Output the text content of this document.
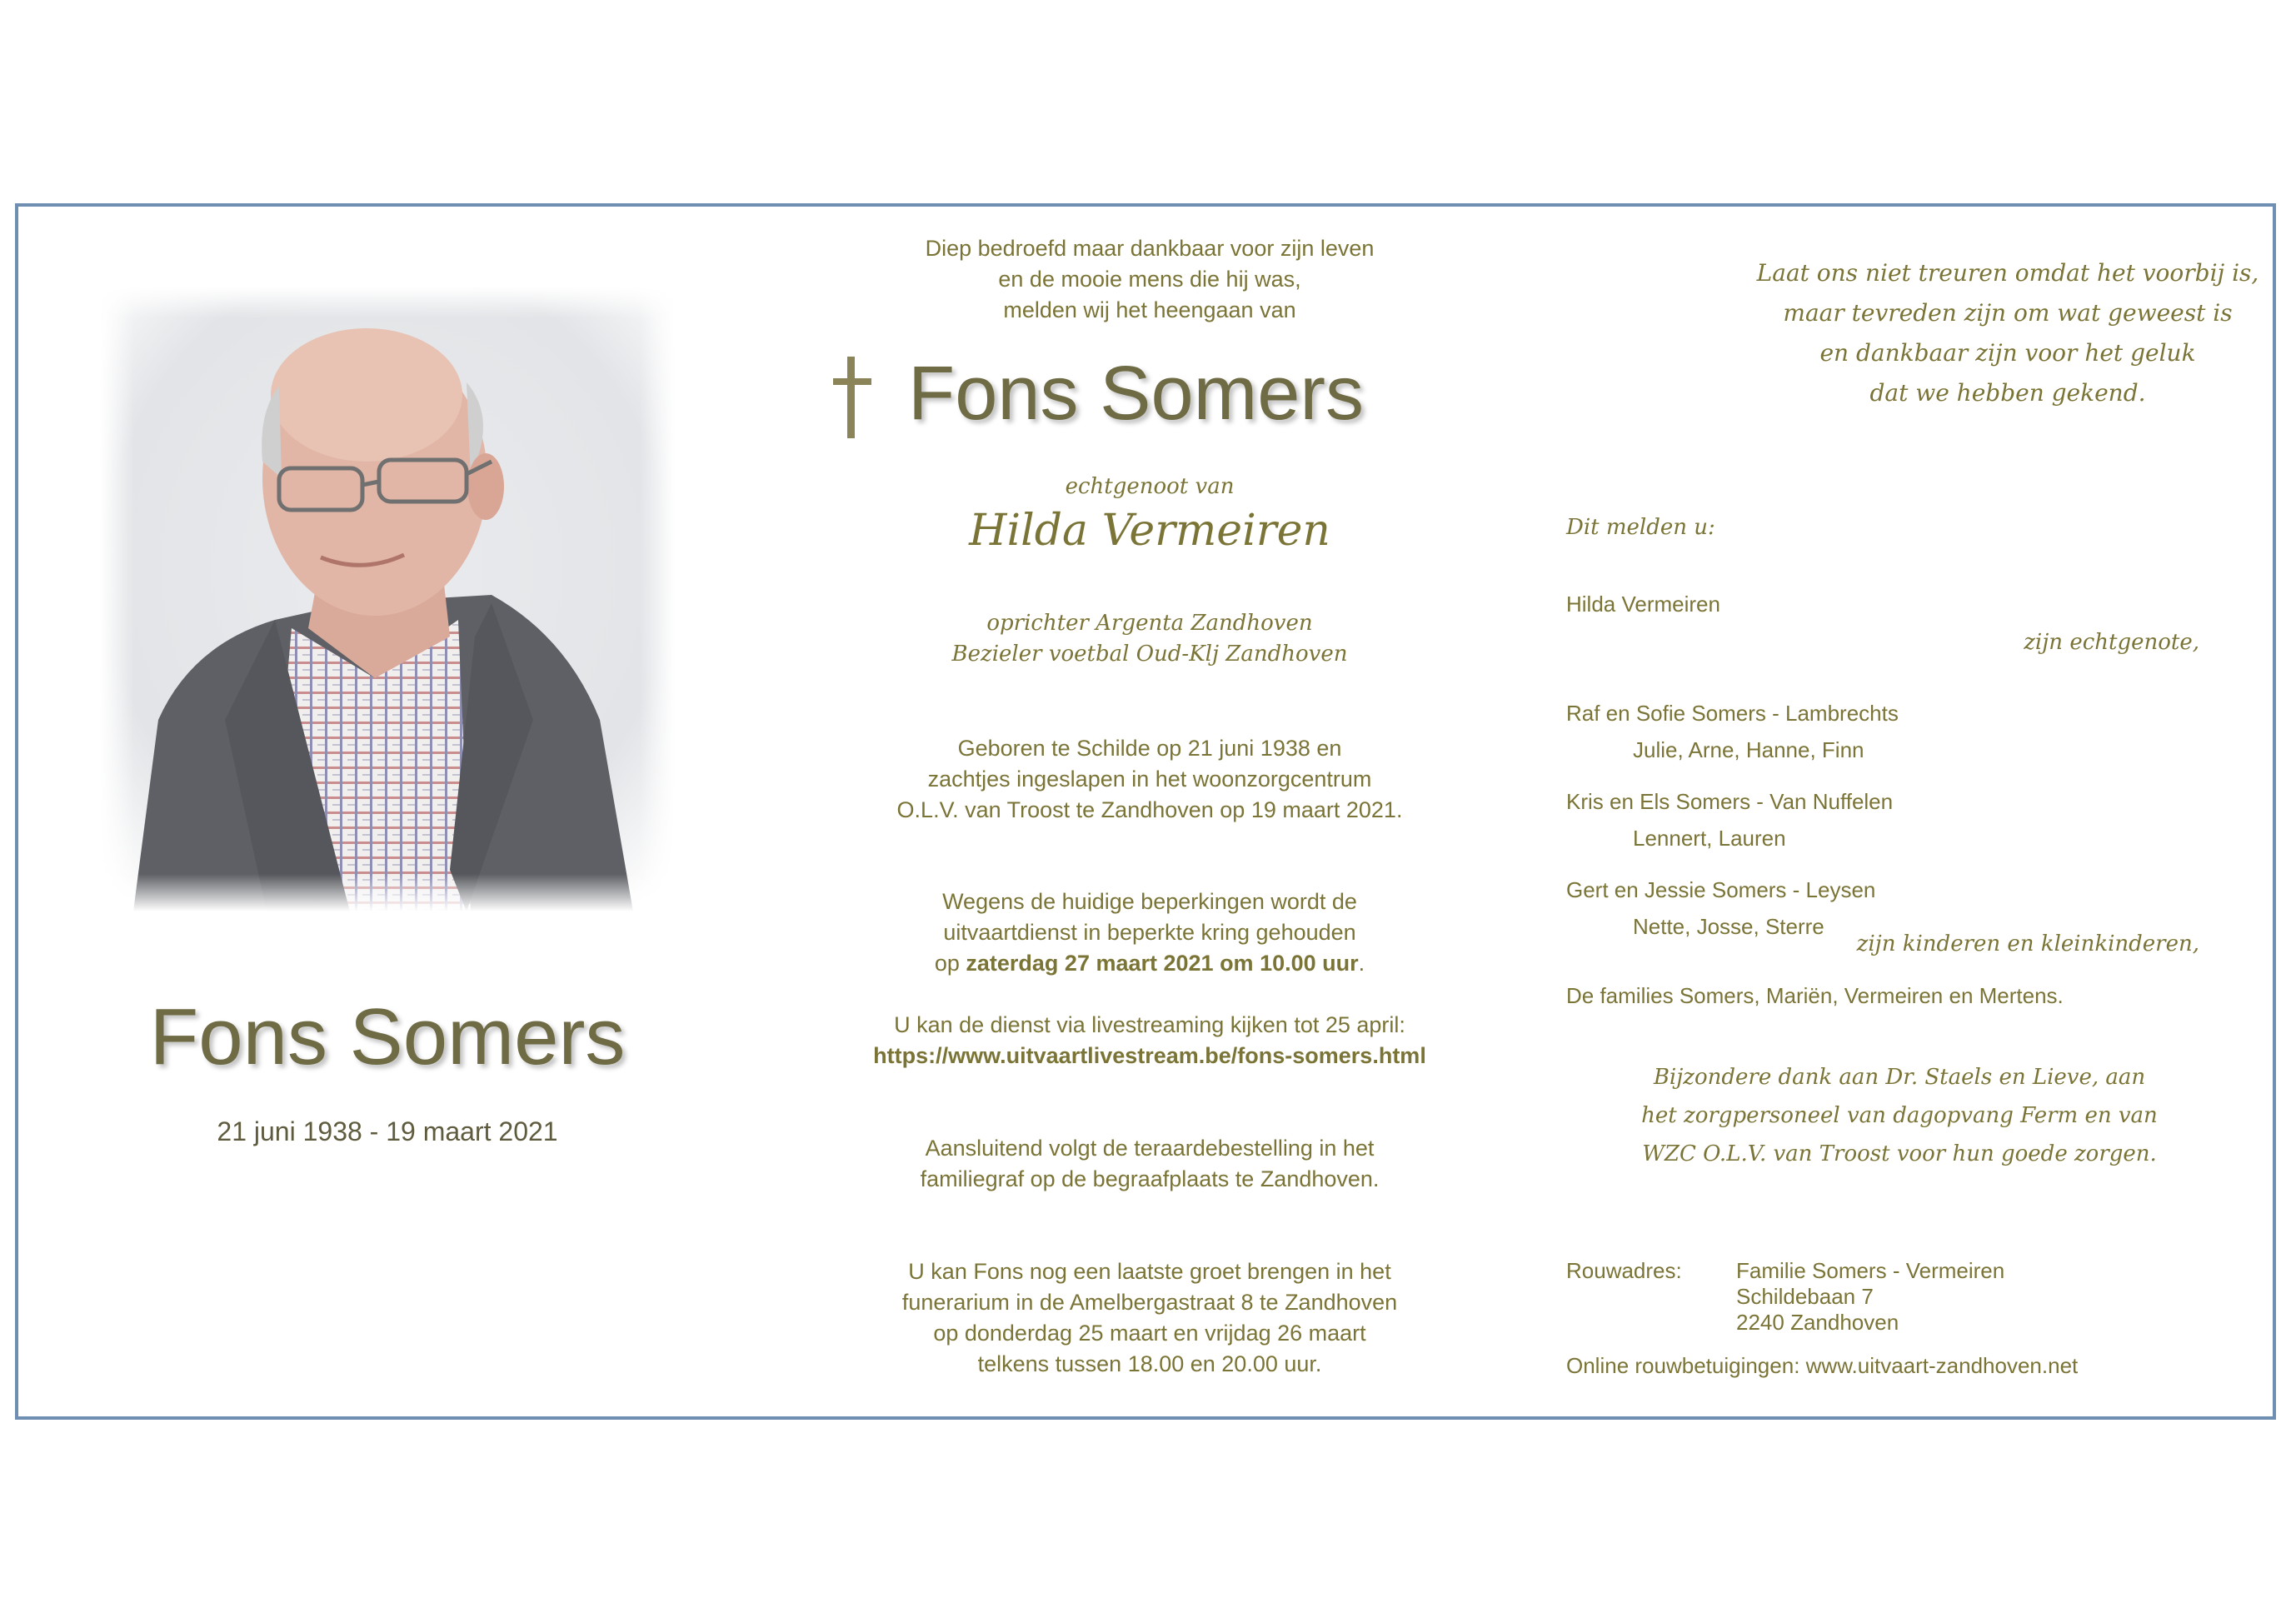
Fons Somers
21 juni 1938 - 19 maart 2021
Diep bedroefd maar dankbaar voor zijn leven
en de mooie mens die hij was,
melden wij het heengaan van
Fons Somers
echtgenoot van
Hilda Vermeiren
oprichter Argenta Zandhoven
Bezieler voetbal Oud-Klj Zandhoven
Geboren te Schilde op 21 juni 1938 en
zachtjes ingeslapen in het woonzorgcentrum
O.L.V. van Troost te Zandhoven op 19 maart 2021.
Wegens de huidige beperkingen wordt de
uitvaartdienst in beperkte kring gehouden
op zaterdag 27 maart 2021 om 10.00 uur.
U kan de dienst via livestreaming kijken tot 25 april:
https://www.uitvaartlivestream.be/fons-somers.html
Aansluitend volgt de teraardebestelling in het
familiegraf op de begraafplaats te Zandhoven.
U kan Fons nog een laatste groet brengen in het
funerarium in de Amelbergastraat 8 te Zandhoven
op donderdag 25 maart en vrijdag 26 maart
telkens tussen 18.00 en 20.00 uur.
Laat ons niet treuren omdat het voorbij is,
maar tevreden zijn om wat geweest is
en dankbaar zijn voor het geluk
dat we hebben gekend.
Dit melden u:
Hilda Vermeiren
zijn echtgenote,
Raf en Sofie Somers - Lambrechts
Julie, Arne, Hanne, Finn
Kris en Els Somers - Van Nuffelen
Lennert, Lauren
Gert en Jessie Somers - Leysen
Nette, Josse, Sterre
zijn kinderen en kleinkinderen,
De families Somers, Mariën, Vermeiren en Mertens.
Bijzondere dank aan Dr. Staels en Lieve, aan
het zorgpersoneel van dagopvang Ferm en van
WZC O.L.V. van Troost voor hun goede zorgen.
Rouwadres:	Familie Somers - Vermeiren
Schildebaan 7
2240 Zandhoven
Online rouwbetuigingen: www.uitvaart-zandhoven.net
